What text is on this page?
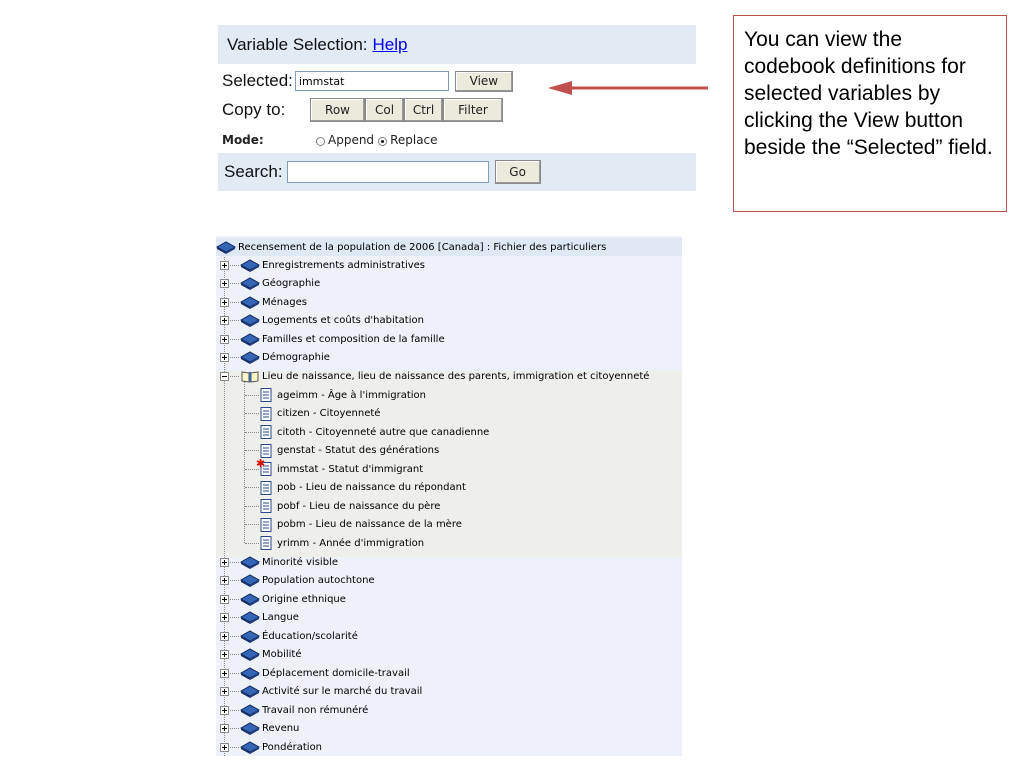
Variable Selection: Help
Selected:
immstat	View
Copy to:	Row	Col	Ctrl	Filter
Mode:	Append Replace
Search:	Go
You can view the codebook definitions for selected variables by clicking the View button beside the “Selected” field.
Recensement de la population de 2006 [Canada] : Fichier des particuliers
Enregistrements administratives
Géographie
Ménages
Logements et coûts d'habitation
Familles et composition de la famille
Démographie
Lieu de naissance, lieu de naissance des parents, immigration et citoyenneté
ageimm - Âge à l'immigration
citizen - Citoyenneté
citoth - Citoyenneté autre que canadienne
genstat - Statut des générations
✱ immstat - Statut d'immigrant
pob - Lieu de naissance du répondant
pobf - Lieu de naissance du père
pobm - Lieu de naissance de la mère
yrimm - Année d'immigration
Minorité visible
Population autochtone
Origine ethnique
Langue
Éducation/scolarité
Mobilité
Déplacement domicile-travail
Activité sur le marché du travail
Travail non rémunéré
Revenu
Pondération
